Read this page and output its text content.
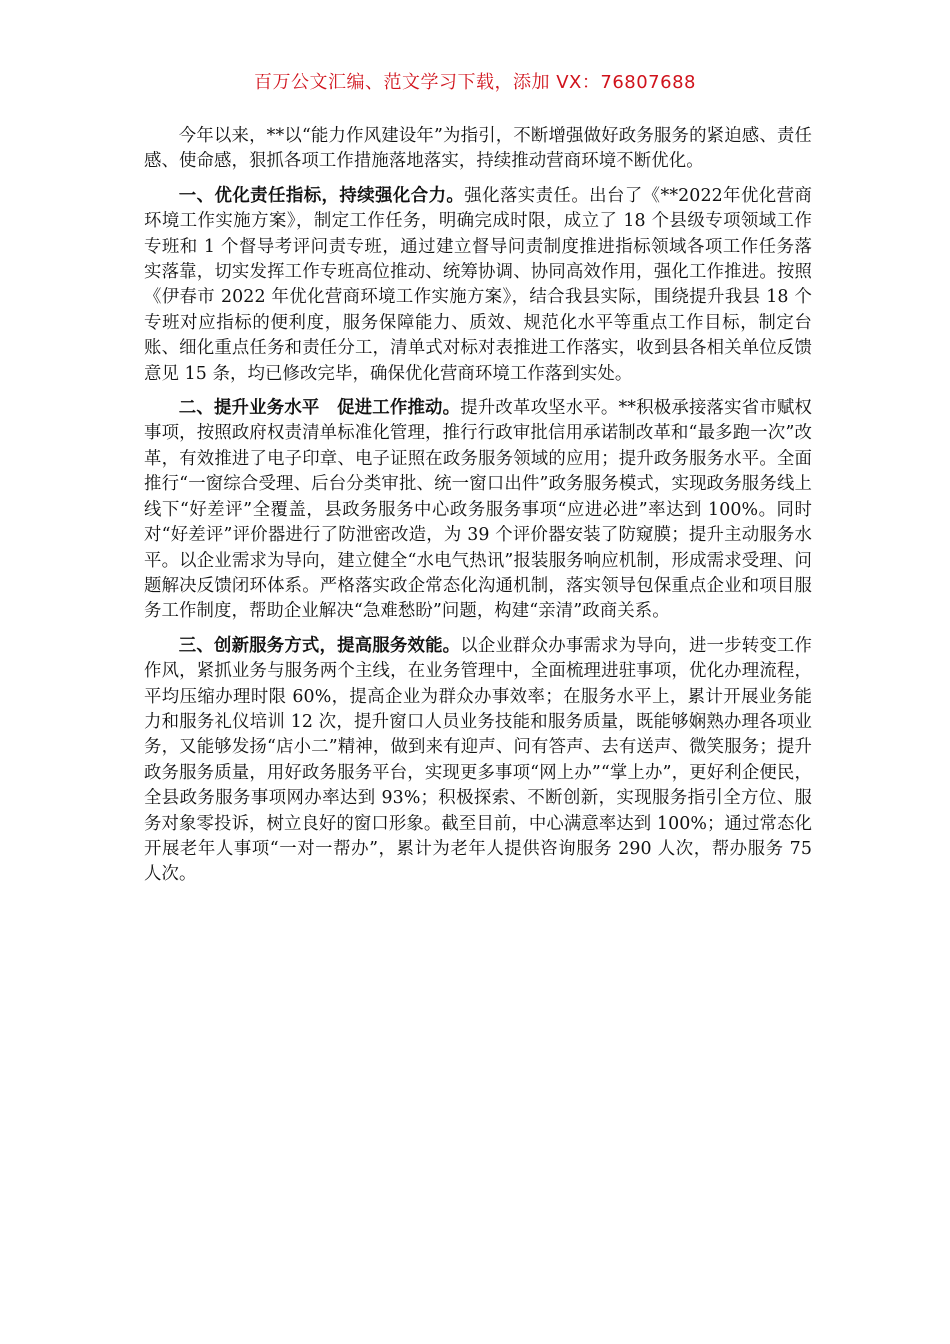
百万公文汇编、范文学习下载，添加 VX：76807688

今年以来，**以“能力作风建设年”为指引，不断增强做好政务服务的紧迫感、责任感、使命感，狠抓各项工作措施落地落实，持续推动营商环境不断优化。

一、优化责任指标，持续强化合力。强化落实责任。出台了《**2022年优化营商环境工作实施方案》，制定工作任务，明确完成时限，成立了 18 个县级专项领域工作专班和 1 个督导考评问责专班，通过建立督导问责制度推进指标领域各项工作任务落实落靠，切实发挥工作专班高位推动、统筹协调、协同高效作用，强化工作推进。按照《伊春市 2022 年优化营商环境工作实施方案》，结合我县实际，围绕提升我县 18 个专班对应指标的便利度，服务保障能力、质效、规范化水平等重点工作目标，制定台账、细化重点任务和责任分工，清单式对标对表推进工作落实，收到县各相关单位反馈意见 15 条，均已修改完毕，确保优化营商环境工作落到实处。

二、提升业务水平　促进工作推动。提升改革攻坚水平。**积极承接落实省市赋权事项，按照政府权责清单标准化管理，推行行政审批信用承诺制改革和“最多跑一次”改革，有效推进了电子印章、电子证照在政务服务领域的应用；提升政务服务水平。全面推行“一窗综合受理、后台分类审批、统一窗口出件”政务服务模式，实现政务服务线上线下“好差评”全覆盖，县政务服务中心政务服务事项“应进必进”率达到 100%。同时对“好差评”评价器进行了防泄密改造，为 39 个评价器安装了防窥膜；提升主动服务水平。以企业需求为导向，建立健全“水电气热讯”报装服务响应机制，形成需求受理、问题解决反馈闭环体系。严格落实政企常态化沟通机制，落实领导包保重点企业和项目服务工作制度，帮助企业解决“急难愁盼”问题，构建“亲清”政商关系。

三、创新服务方式，提高服务效能。以企业群众办事需求为导向，进一步转变工作作风，紧抓业务与服务两个主线，在业务管理中，全面梳理进驻事项，优化办理流程，平均压缩办理时限 60%，提高企业为群众办事效率；在服务水平上，累计开展业务能力和服务礼仪培训 12 次，提升窗口人员业务技能和服务质量，既能够娴熟办理各项业务，又能够发扬“店小二”精神，做到来有迎声、问有答声、去有送声、微笑服务；提升政务服务质量，用好政务服务平台，实现更多事项“网上办”“掌上办”，更好利企便民，全县政务服务事项网办率达到 93%；积极探索、不断创新，实现服务指引全方位、服务对象零投诉，树立良好的窗口形象。截至目前，中心满意率达到 100%；通过常态化开展老年人事项“一对一帮办”，累计为老年人提供咨询服务 290 人次，帮办服务 75 人次。
